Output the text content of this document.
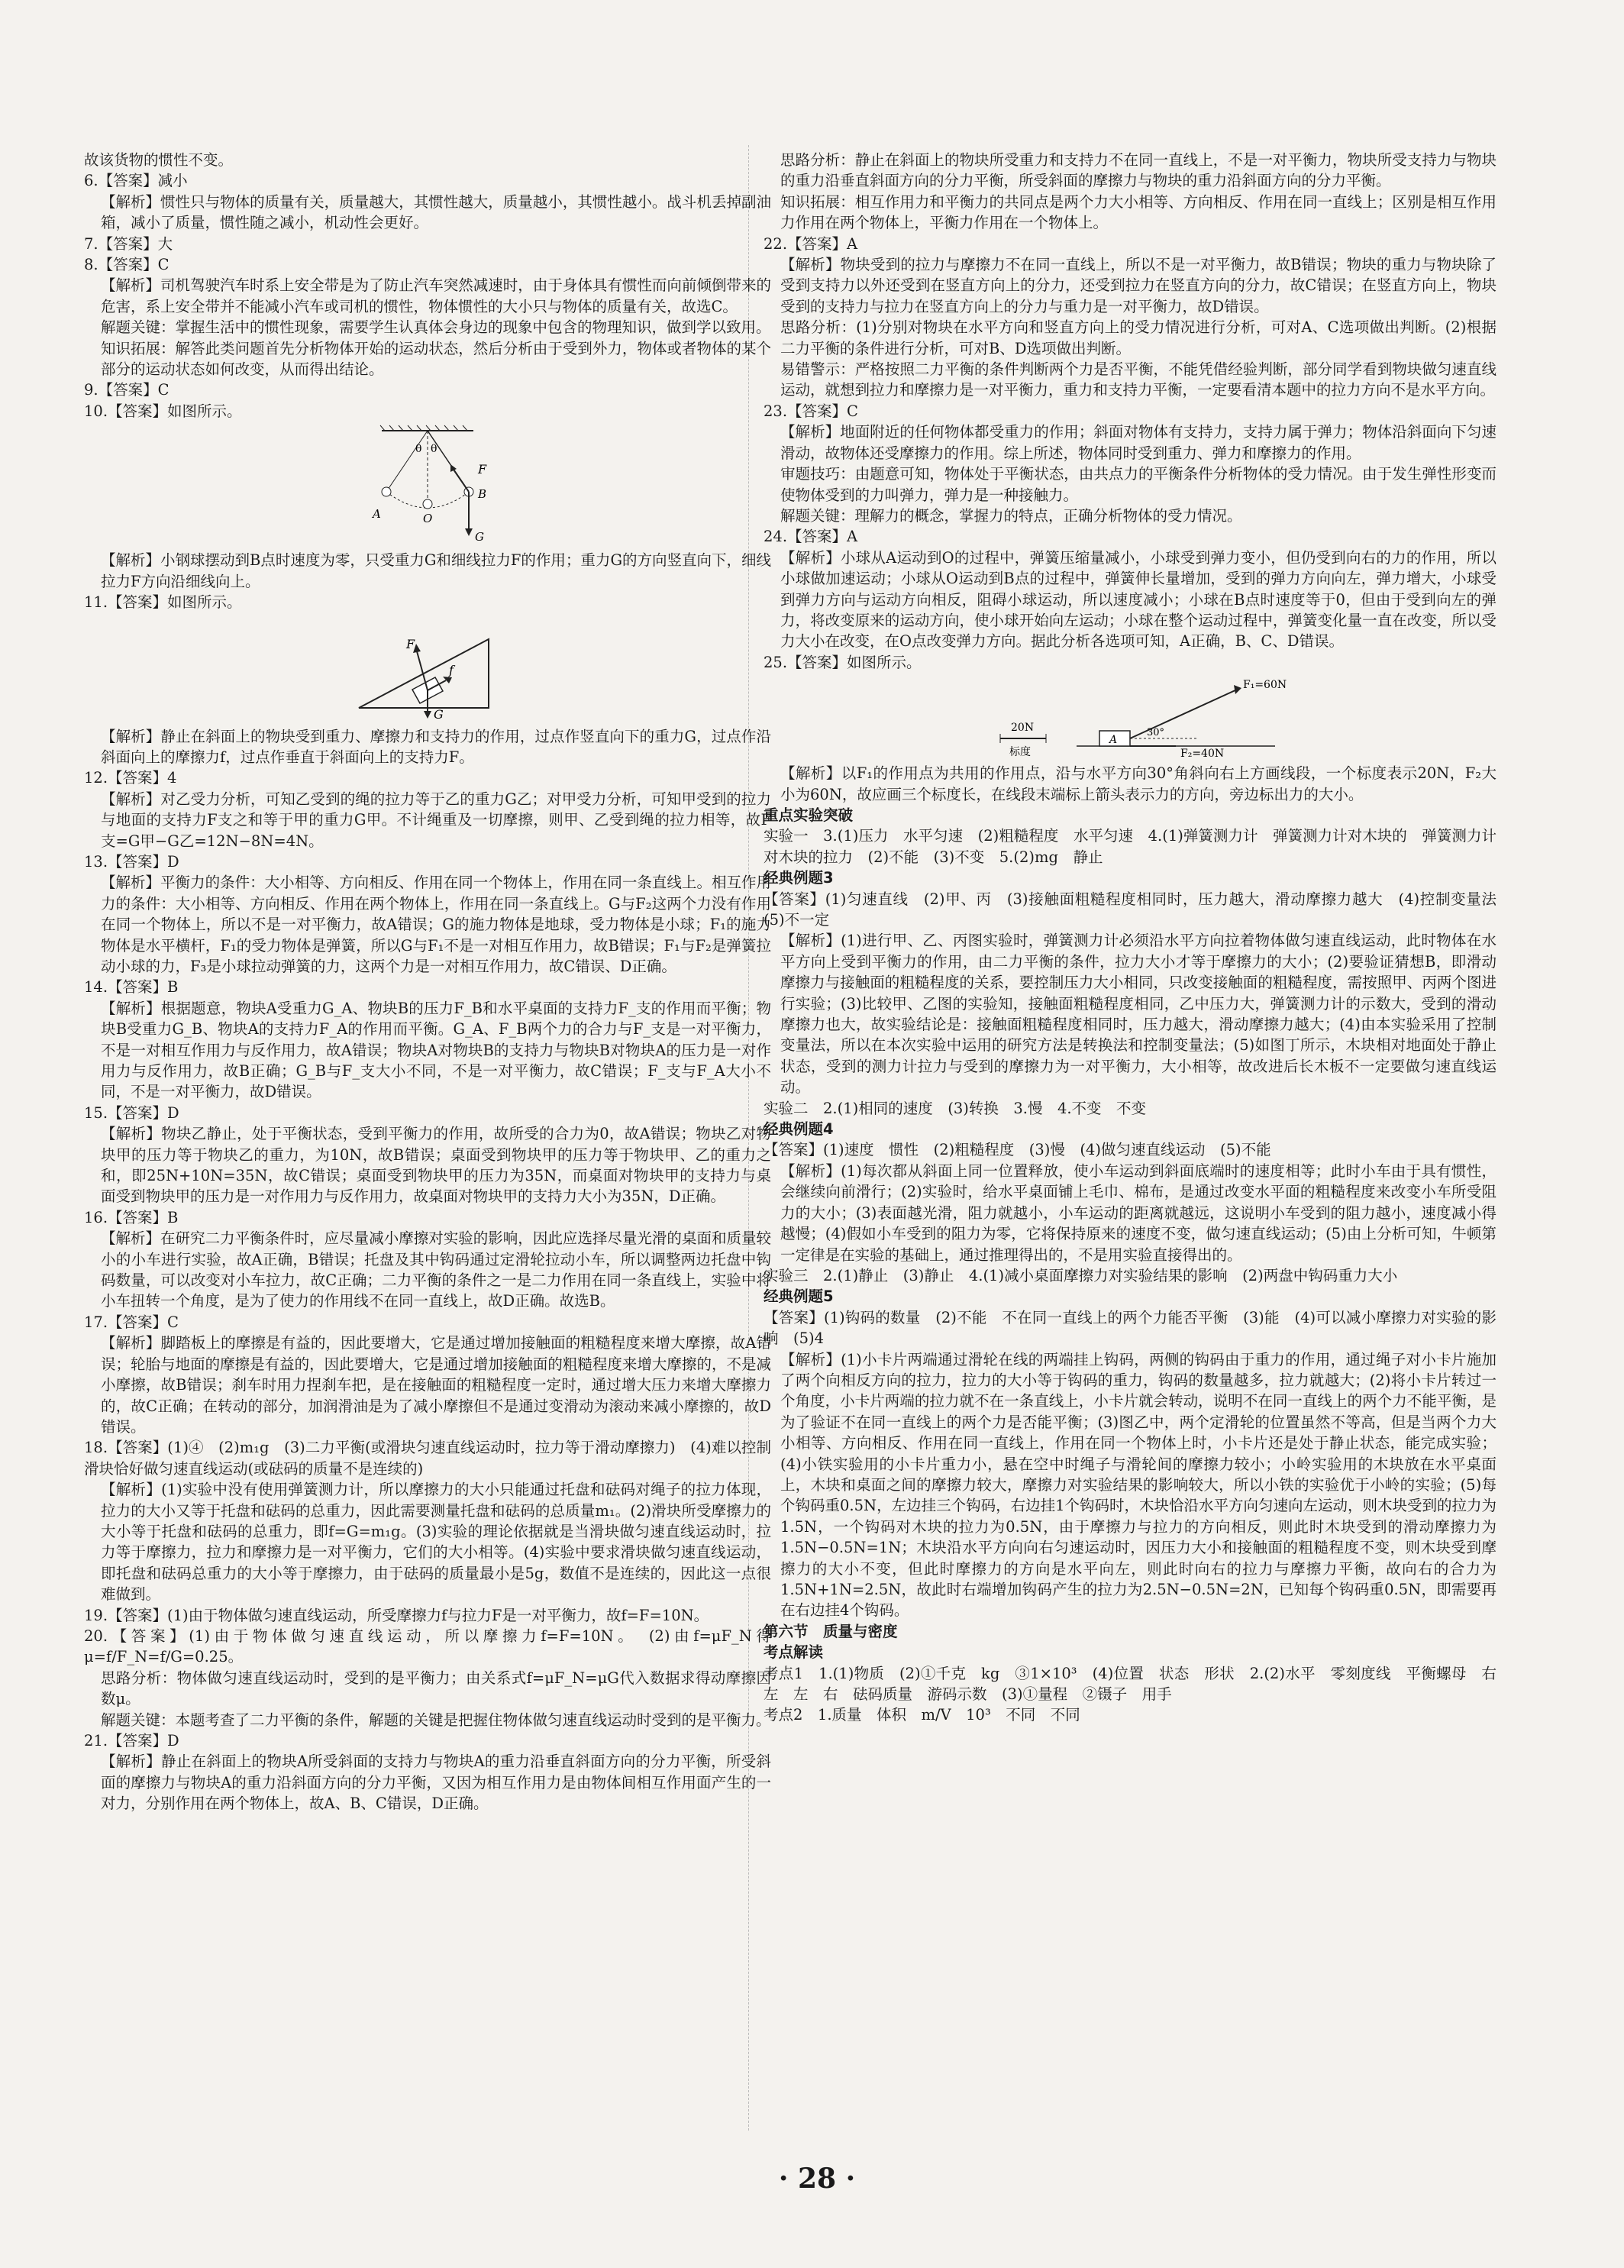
故该货物的惯性不变。

6.【答案】减小

【解析】惯性只与物体的质量有关，质量越大，其惯性越大，质量越小，其惯性越小。战斗机丢掉副油箱，减小了质量，惯性随之减小，机动性会更好。

7.【答案】大

8.【答案】C

【解析】司机驾驶汽车时系上安全带是为了防止汽车突然减速时，由于身体具有惯性而向前倾倒带来的危害，系上安全带并不能减小汽车或司机的惯性，物体惯性的大小只与物体的质量有关，故选C。

解题关键：掌握生活中的惯性现象，需要学生认真体会身边的现象中包含的物理知识，做到学以致用。

知识拓展：解答此类问题首先分析物体开始的运动状态，然后分析由于受到外力，物体或者物体的某个部分的运动状态如何改变，从而得出结论。

9.【答案】C

10.【答案】如图所示。

θ θ
F
A	O
B
G

【解析】小钢球摆动到B点时速度为零，只受重力G和细线拉力F的作用；重力G的方向竖直向下，细线拉力F方向沿细线向上。

11.【答案】如图所示。

F
f
G

【解析】静止在斜面上的物块受到重力、摩擦力和支持力的作用，过点作竖直向下的重力G，过点作沿斜面向上的摩擦力f，过点作垂直于斜面向上的支持力F。

12.【答案】4

【解析】对乙受力分析，可知乙受到的绳的拉力等于乙的重力G乙；对甲受力分析，可知甲受到的拉力与地面的支持力F支之和等于甲的重力G甲。不计绳重及一切摩擦，则甲、乙受到绳的拉力相等，故F支=G甲−G乙=12N−8N=4N。

13.【答案】D

【解析】平衡力的条件：大小相等、方向相反、作用在同一个物体上，作用在同一条直线上。相互作用力的条件：大小相等、方向相反、作用在两个物体上，作用在同一条直线上。G与F₂这两个力没有作用在同一个物体上，所以不是一对平衡力，故A错误；G的施力物体是地球，受力物体是小球；F₁的施力物体是水平横杆，F₁的受力物体是弹簧，所以G与F₁不是一对相互作用力，故B错误；F₁与F₂是弹簧拉动小球的力，F₃是小球拉动弹簧的力，这两个力是一对相互作用力，故C错误、D正确。

14.【答案】B

【解析】根据题意，物块A受重力G_A、物块B的压力F_B和水平桌面的支持力F_支的作用而平衡；物块B受重力G_B、物块A的支持力F_A的作用而平衡。G_A、F_B两个力的合力与F_支是一对平衡力，不是一对相互作用力与反作用力，故A错误；物块A对物块B的支持力与物块B对物块A的压力是一对作用力与反作用力，故B正确；G_B与F_支大小不同，不是一对平衡力，故C错误；F_支与F_A大小不同，不是一对平衡力，故D错误。

15.【答案】D

【解析】物块乙静止，处于平衡状态，受到平衡力的作用，故所受的合力为0，故A错误；物块乙对物块甲的压力等于物块乙的重力，为10N，故B错误；桌面受到物块甲的压力等于物块甲、乙的重力之和，即25N+10N=35N，故C错误；桌面受到物块甲的压力为35N，而桌面对物块甲的支持力与桌面受到物块甲的压力是一对作用力与反作用力，故桌面对物块甲的支持力大小为35N，D正确。

16.【答案】B

【解析】在研究二力平衡条件时，应尽量减小摩擦对实验的影响，因此应选择尽量光滑的桌面和质量较小的小车进行实验，故A正确，B错误；托盘及其中钩码通过定滑轮拉动小车，所以调整两边托盘中钩码数量，可以改变对小车拉力，故C正确；二力平衡的条件之一是二力作用在同一条直线上，实验中将小车扭转一个角度，是为了使力的作用线不在同一直线上，故D正确。故选B。

17.【答案】C

【解析】脚踏板上的摩擦是有益的，因此要增大，它是通过增加接触面的粗糙程度来增大摩擦，故A错误；轮胎与地面的摩擦是有益的，因此要增大，它是通过增加接触面的粗糙程度来增大摩擦的，不是减小摩擦，故B错误；刹车时用力捏刹车把，是在接触面的粗糙程度一定时，通过增大压力来增大摩擦力的，故C正确；在转动的部分，加润滑油是为了减小摩擦但不是通过变滑动为滚动来减小摩擦的，故D错误。

18.【答案】(1)④　(2)m₁g　(3)二力平衡(或滑块匀速直线运动时，拉力等于滑动摩擦力)　(4)难以控制滑块恰好做匀速直线运动(或砝码的质量不是连续的)

【解析】(1)实验中没有使用弹簧测力计，所以摩擦力的大小只能通过托盘和砝码对绳子的拉力体现，拉力的大小又等于托盘和砝码的总重力，因此需要测量托盘和砝码的总质量m₁。(2)滑块所受摩擦力的大小等于托盘和砝码的总重力，即f=G=m₁g。(3)实验的理论依据就是当滑块做匀速直线运动时，拉力等于摩擦力，拉力和摩擦力是一对平衡力，它们的大小相等。(4)实验中要求滑块做匀速直线运动，即托盘和砝码总重力的大小等于摩擦力，由于砝码的质量最小是5g，数值不是连续的，因此这一点很难做到。

19.【答案】(1)由于物体做匀速直线运动，所受摩擦力f与拉力F是一对平衡力，故f=F=10N。

20.【答案】(1)由于物体做匀速直线运动，所以摩擦力f=F=10N。　(2)由f=μF_N得μ=f/F_N=f/G=0.25。

思路分析：物体做匀速直线运动时，受到的是平衡力；由关系式f=μF_N=μG代入数据求得动摩擦因数μ。

解题关键：本题考查了二力平衡的条件，解题的关键是把握住物体做匀速直线运动时受到的是平衡力。

21.【答案】D

【解析】静止在斜面上的物块A所受斜面的支持力与物块A的重力沿垂直斜面方向的分力平衡，所受斜面的摩擦力与物块A的重力沿斜面方向的分力平衡，又因为相互作用力是由物体间相互作用面产生的一对力，分别作用在两个物体上，故A、B、C错误，D正确。

思路分析：静止在斜面上的物块所受重力和支持力不在同一直线上，不是一对平衡力，物块所受支持力与物块的重力沿垂直斜面方向的分力平衡，所受斜面的摩擦力与物块的重力沿斜面方向的分力平衡。

知识拓展：相互作用力和平衡力的共同点是两个力大小相等、方向相反、作用在同一直线上；区别是相互作用力作用在两个物体上，平衡力作用在一个物体上。

22.【答案】A

【解析】物块受到的拉力与摩擦力不在同一直线上，所以不是一对平衡力，故B错误；物块的重力与物块除了受到支持力以外还受到在竖直方向上的分力，还受到拉力在竖直方向的分力，故C错误；在竖直方向上，物块受到的支持力与拉力在竖直方向上的分力与重力是一对平衡力，故D错误。

思路分析：(1)分别对物块在水平方向和竖直方向上的受力情况进行分析，可对A、C选项做出判断。(2)根据二力平衡的条件进行分析，可对B、D选项做出判断。

易错警示：严格按照二力平衡的条件判断两个力是否平衡，不能凭借经验判断，部分同学看到物块做匀速直线运动，就想到拉力和摩擦力是一对平衡力，重力和支持力平衡，一定要看清本题中的拉力方向不是水平方向。

23.【答案】C

【解析】地面附近的任何物体都受重力的作用；斜面对物体有支持力，支持力属于弹力；物体沿斜面向下匀速滑动，故物体还受摩擦力的作用。综上所述，物体同时受到重力、弹力和摩擦力的作用。

审题技巧：由题意可知，物体处于平衡状态，由共点力的平衡条件分析物体的受力情况。由于发生弹性形变而使物体受到的力叫弹力，弹力是一种接触力。

解题关键：理解力的概念，掌握力的特点，正确分析物体的受力情况。

24.【答案】A

【解析】小球从A运动到O的过程中，弹簧压缩量减小，小球受到弹力变小，但仍受到向右的力的作用，所以小球做加速运动；小球从O运动到B点的过程中，弹簧伸长量增加，受到的弹力方向向左，弹力增大，小球受到弹力方向与运动方向相反，阻碍小球运动，所以速度减小；小球在B点时速度等于0，但由于受到向左的弹力，将改变原来的运动方向，使小球开始向左运动；小球在整个运动过程中，弹簧变化量一直在改变，所以受力大小在改变，在O点改变弹力方向。据此分析各选项可知，A正确，B、C、D错误。

25.【答案】如图所示。

20N
标度
A
30°
F₁=60N
F₂=40N

【解析】以F₁的作用点为共用的作用点，沿与水平方向30°角斜向右上方画线段，一个标度表示20N，F₂大小为60N，故应画三个标度长，在线段末端标上箭头表示力的方向，旁边标出力的大小。

重点实验突破

实验一　3.(1)压力　水平匀速　(2)粗糙程度　水平匀速　4.(1)弹簧测力计　弹簧测力计对木块的　弹簧测力计对木块的拉力　(2)不能　(3)不变　5.(2)mg　静止

经典例题3

【答案】(1)匀速直线　(2)甲、丙　(3)接触面粗糙程度相同时，压力越大，滑动摩擦力越大　(4)控制变量法　(5)不一定

【解析】(1)进行甲、乙、丙图实验时，弹簧测力计必须沿水平方向拉着物体做匀速直线运动，此时物体在水平方向上受到平衡力的作用，由二力平衡的条件，拉力大小才等于摩擦力的大小；(2)要验证猜想B，即滑动摩擦力与接触面的粗糙程度的关系，要控制压力大小相同，只改变接触面的粗糙程度，需按照甲、丙两个图进行实验；(3)比较甲、乙图的实验知，接触面粗糙程度相同，乙中压力大，弹簧测力计的示数大，受到的滑动摩擦力也大，故实验结论是：接触面粗糙程度相同时，压力越大，滑动摩擦力越大；(4)由本实验采用了控制变量法，所以在本次实验中运用的研究方法是转换法和控制变量法；(5)如图丁所示，木块相对地面处于静止状态，受到的测力计拉力与受到的摩擦力为一对平衡力，大小相等，故改进后长木板不一定要做匀速直线运动。

实验二　2.(1)相同的速度　(3)转换　3.慢　4.不变　不变

经典例题4

【答案】(1)速度　惯性　(2)粗糙程度　(3)慢　(4)做匀速直线运动　(5)不能

【解析】(1)每次都从斜面上同一位置释放，使小车运动到斜面底端时的速度相等；此时小车由于具有惯性，会继续向前滑行；(2)实验时，给水平桌面铺上毛巾、棉布，是通过改变水平面的粗糙程度来改变小车所受阻力的大小；(3)表面越光滑，阻力就越小，小车运动的距离就越远，这说明小车受到的阻力越小，速度减小得越慢；(4)假如小车受到的阻力为零，它将保持原来的速度不变，做匀速直线运动；(5)由上分析可知，牛顿第一定律是在实验的基础上，通过推理得出的，不是用实验直接得出的。

实验三　2.(1)静止　(3)静止　4.(1)减小桌面摩擦力对实验结果的影响　(2)两盘中钩码重力大小

经典例题5

【答案】(1)钩码的数量　(2)不能　不在同一直线上的两个力能否平衡　(3)能　(4)可以减小摩擦力对实验的影响　(5)4

【解析】(1)小卡片两端通过滑轮在线的两端挂上钩码，两侧的钩码由于重力的作用，通过绳子对小卡片施加了两个向相反方向的拉力，拉力的大小等于钩码的重力，钩码的数量越多，拉力就越大；(2)将小卡片转过一个角度，小卡片两端的拉力就不在一条直线上，小卡片就会转动，说明不在同一直线上的两个力不能平衡，是为了验证不在同一直线上的两个力是否能平衡；(3)图乙中，两个定滑轮的位置虽然不等高，但是当两个力大小相等、方向相反、作用在同一直线上，作用在同一个物体上时，小卡片还是处于静止状态，能完成实验；(4)小铁实验用的小卡片重力小，悬在空中时绳子与滑轮间的摩擦力较小；小岭实验用的木块放在水平桌面上，木块和桌面之间的摩擦力较大，摩擦力对实验结果的影响较大，所以小铁的实验优于小岭的实验；(5)每个钩码重0.5N，左边挂三个钩码，右边挂1个钩码时，木块恰沿水平方向匀速向左运动，则木块受到的拉力为1.5N，一个钩码对木块的拉力为0.5N，由于摩擦力与拉力的方向相反，则此时木块受到的滑动摩擦力为1.5N−0.5N=1N；木块沿水平方向向右匀速运动时，因压力大小和接触面的粗糙程度不变，则木块受到摩擦力的大小不变，但此时摩擦力的方向是水平向左，则此时向右的拉力与摩擦力平衡，故向右的合力为1.5N+1N=2.5N，故此时右端增加钩码产生的拉力为2.5N−0.5N=2N，已知每个钩码重0.5N，即需要再在右边挂4个钩码。

第六节　质量与密度

考点解读

考点1　1.(1)物质　(2)①千克　kg　③1×10³　(4)位置　状态　形状　2.(2)水平　零刻度线　平衡螺母　右　左　左　右　砝码质量　游码示数　(3)①量程　②镊子　用手

考点2　1.质量　体积　m/V　10³　不同　不同

· 28 ·
